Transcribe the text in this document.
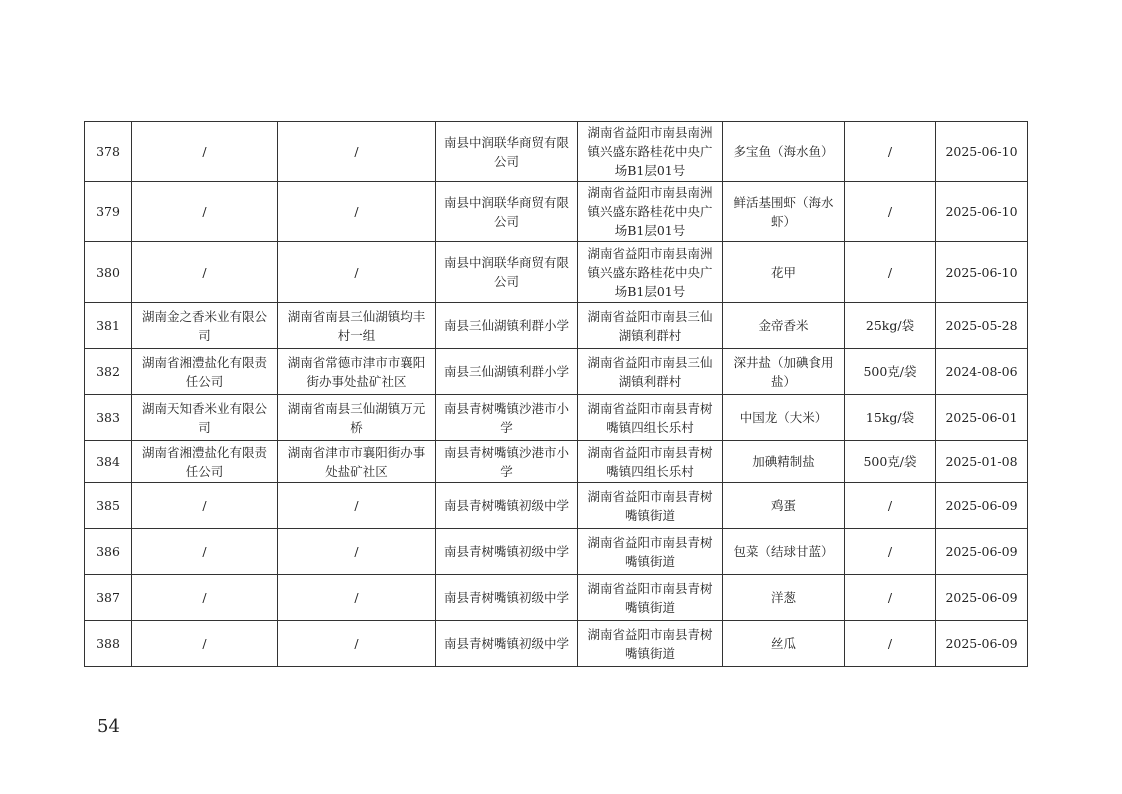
378	/	/	南县中润联华商贸有限公司	湖南省益阳市南县南洲镇兴盛东路桂花中央广场B1层01号	多宝鱼（海水鱼）	/	2025-06-10
379	/	/	南县中润联华商贸有限公司	湖南省益阳市南县南洲镇兴盛东路桂花中央广场B1层01号	鲜活基围虾（海水虾）	/	2025-06-10
380	/	/	南县中润联华商贸有限公司	湖南省益阳市南县南洲镇兴盛东路桂花中央广场B1层01号	花甲	/	2025-06-10
381	湖南金之香米业有限公司	湖南省南县三仙湖镇均丰村一组	南县三仙湖镇利群小学	湖南省益阳市南县三仙湖镇利群村	金帝香米	25kg/袋	2025-05-28
382	湖南省湘澧盐化有限责任公司	湖南省常德市津市市襄阳街办事处盐矿社区	南县三仙湖镇利群小学	湖南省益阳市南县三仙湖镇利群村	深井盐（加碘食用盐）	500克/袋	2024-08-06
383	湖南天知香米业有限公司	湖南省南县三仙湖镇万元桥	南县青树嘴镇沙港市小学	湖南省益阳市南县青树嘴镇四组长乐村	中国龙（大米）	15kg/袋	2025-06-01
384	湖南省湘澧盐化有限责任公司	湖南省津市市襄阳街办事处盐矿社区	南县青树嘴镇沙港市小学	湖南省益阳市南县青树嘴镇四组长乐村	加碘精制盐	500克/袋	2025-01-08
385	/	/	南县青树嘴镇初级中学	湖南省益阳市南县青树嘴镇街道	鸡蛋	/	2025-06-09
386	/	/	南县青树嘴镇初级中学	湖南省益阳市南县青树嘴镇街道	包菜（结球甘蓝）	/	2025-06-09
387	/	/	南县青树嘴镇初级中学	湖南省益阳市南县青树嘴镇街道	洋葱	/	2025-06-09
388	/	/	南县青树嘴镇初级中学	湖南省益阳市南县青树嘴镇街道	丝瓜	/	2025-06-09
54
